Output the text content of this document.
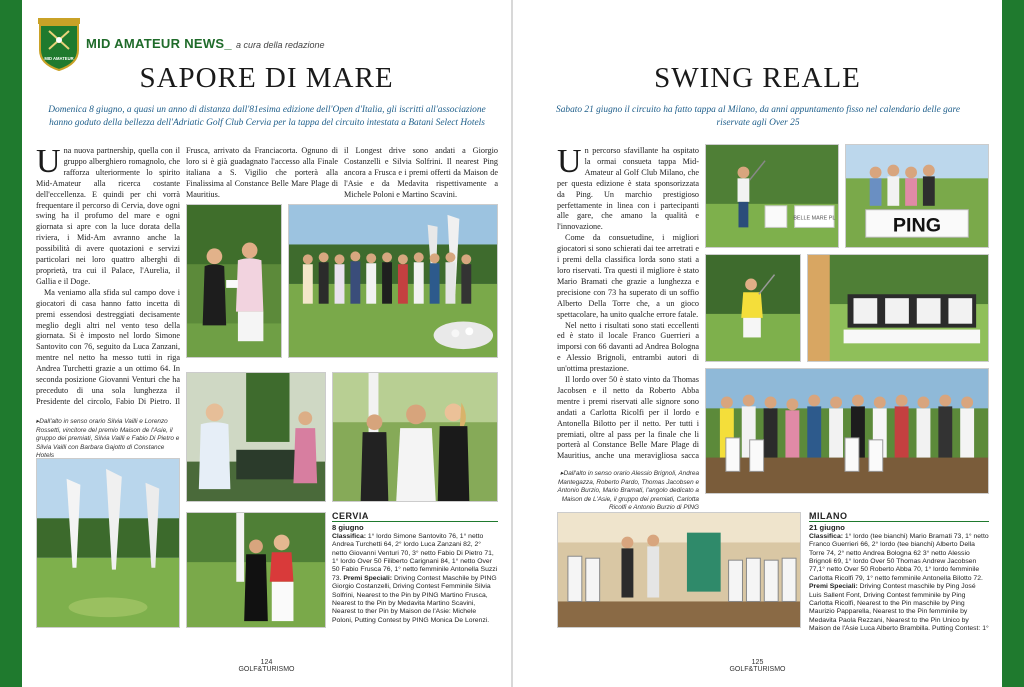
MID AMATEUR
MID AMATEUR NEWS_ a cura della redazione
SAPORE DI MARE
Domenica 8 giugno, a quasi un anno di distanza dall'81esima edizione dell'Open d'Italia, gli iscritti all'associazione hanno goduto della bellezza dell'Adriatic Golf Club Cervia per la tappa del circuito intestata a Batani Select Hotels
U na nuova partnership, quella con il gruppo alberghiero romagnolo, che rafforza ulteriormente lo spirito Mid-Amateur alla ricerca costante dell'eccellenza. E quindi per chi vorrà frequentare il percorso di Cervia, dove ogni swing ha il profumo del mare e ogni giornata si apre con la luce dorata della riviera, i Mid-Am avranno anche la possibilità di avere quotazioni e servizi particolari nei loro quattro alberghi di proprietà, tra cui il Palace, l'Aurelia, il Gallia e il Doge.

Ma veniamo alla sfida sul campo dove i giocatori di casa hanno fatto incetta di premi essendosi destreggiati decisamente meglio degli altri nel vento teso della giornata. Si è imposto nel lordo Simone Santovito con 76, seguito da Luca Zanzani, mentre nel netto ha messo tutti in riga Andrea Turchetti grazie a un ottimo 64. In seconda posizione Giovanni Venturi che ha preceduto di una sola lunghezza il Presidente del circolo, Fabio Di Pietro. Il

Frusca, arrivato da Franciacorta. Ognuno di loro si è già guadagnato l'accesso alla Finale italiana a S. Vigilio che porterà alla Finalissima al Constance Belle Mare Plage di Mauritius.

il Longest drive sono andati a Giorgio Costanzelli e Silvia Solfrini. Il nearest Ping ancora a Frusca e i premi offerti da Maison de l'Asie e da Medavita rispettivamente a Michele Poloni e Martino Scavini.

▸Dall'alto in senso orario Silvia Vailli e Lorenzo Rossetti, vincitore del premio Maison de l'Asie, il gruppo dei premiati, Silvia Vailli e Fabio Di Pietro e Silvia Vailli con Barbara Gajotto di Constance Hotels
CERVIA
8 giugno
Classifica: 1° lordo Simone Santovito 76, 1° netto Andrea Turchetti 64, 2° lordo Luca Zanzani 82, 2° netto Giovanni Venturi 70, 3° netto Fabio Di Pietro 71, 1° lordo Over 50 Filiberto Carignani 84, 1° netto Over 50 Fabio Frusca 76, 1° netto femminile Antonella Suzzi 73. Premi Speciali: Driving Contest Maschile by PING Giorgio Costanzelli, Driving Contest Femminile Silvia Solfrini, Nearest to the Pin by PING Martino Frusca, Nearest to the Pin by Medavita Martino Scavini, Nearest to ther Pin by Maison de l'Asie: Michele Poloni, Putting Contest by PING Monica De Lorenzi.
124
GOLF&TURISMO
SWING REALE
Sabato 21 giugno il circuito ha fatto tappa al Milano, da anni appuntamento fisso nel calendario delle gare riservate agli Over 25
U n percorso sfavillante ha ospitato la ormai consueta tappa Mid-Amateur al Golf Club Milano, che per questa edizione è stata sponsorizzata da Ping. Un marchio prestigioso perfettamente in linea con i partecipanti alle gare, che amano la qualità e l'innovazione.

Come da consuetudine, i migliori giocatori si sono schierati dai tee arretrati e i premi della classifica lorda sono stati a loro riservati. Tra questi il migliore è stato Mario Bramati che grazie a lunghezza e precisione con 73 ha superato di un soffio Alberto Della Torre che, a un gioco spettacolare, ha unito qualche errore fatale.

Nel netto i risultati sono stati eccellenti ed è stato il locale Franco Guerrieri a imporsi con 66 davanti ad Andrea Bologna e Alessio Brignoli, entrambi autori di un'ottima prestazione.

Il lordo over 50 è stato vinto da Thomas Jacobsen e il netto da Roberto Abba mentre i premi riservati alle signore sono andati a Carlotta Ricolfi per il lordo e Antonella Bilotto per il netto. Per tutti i premiati, oltre al pass per la finale che li porterà al Constance Belle Mare Plage di Mauritius, anche una meravigliosa sacca

BELLE MARE PL	PING
▸Dall'alto in senso orario Alessio Brignoli, Andrea Mantegazza, Roberto Pardo, Thomas Jacobsen e Antonio Burzio, Mario Bramati, l'angolo dedicato a Maison de L'Asie, il gruppo dei premiati, Carlotta Ricolfi e Antonio Burzio di PING
MILANO
21 giugno
Classifica: 1° lordo (tee bianchi) Mario Bramati 73, 1° netto Franco Guerrieri 66, 2° lordo (tee bianchi) Alberto Della Torre 74, 2° netto Andrea Bologna 62 3° netto Alessio Brignoli 69, 1° lordo Over 50 Thomas Andrew Jacobsen 77,1° netto Over 50 Roberto Abba 70, 1° lordo femminile Carlotta Ricolfi 79, 1° netto femminile Antonella Bilotto 72. Premi Speciali: Driving Contest maschile by Ping José Luis Sallent Font, Driving Contest femminile by Ping Carlotta Ricolfi, Nearest to the Pin maschile by Ping Maurizio Papparella, Nearest to the Pin femminile by Medavita Paola Rezzani, Nearest to the Pin Unico by Maison de l'Asie Luca Alberto Brambilla. Putting Contest: 1°
125
GOLF&TURISMO
